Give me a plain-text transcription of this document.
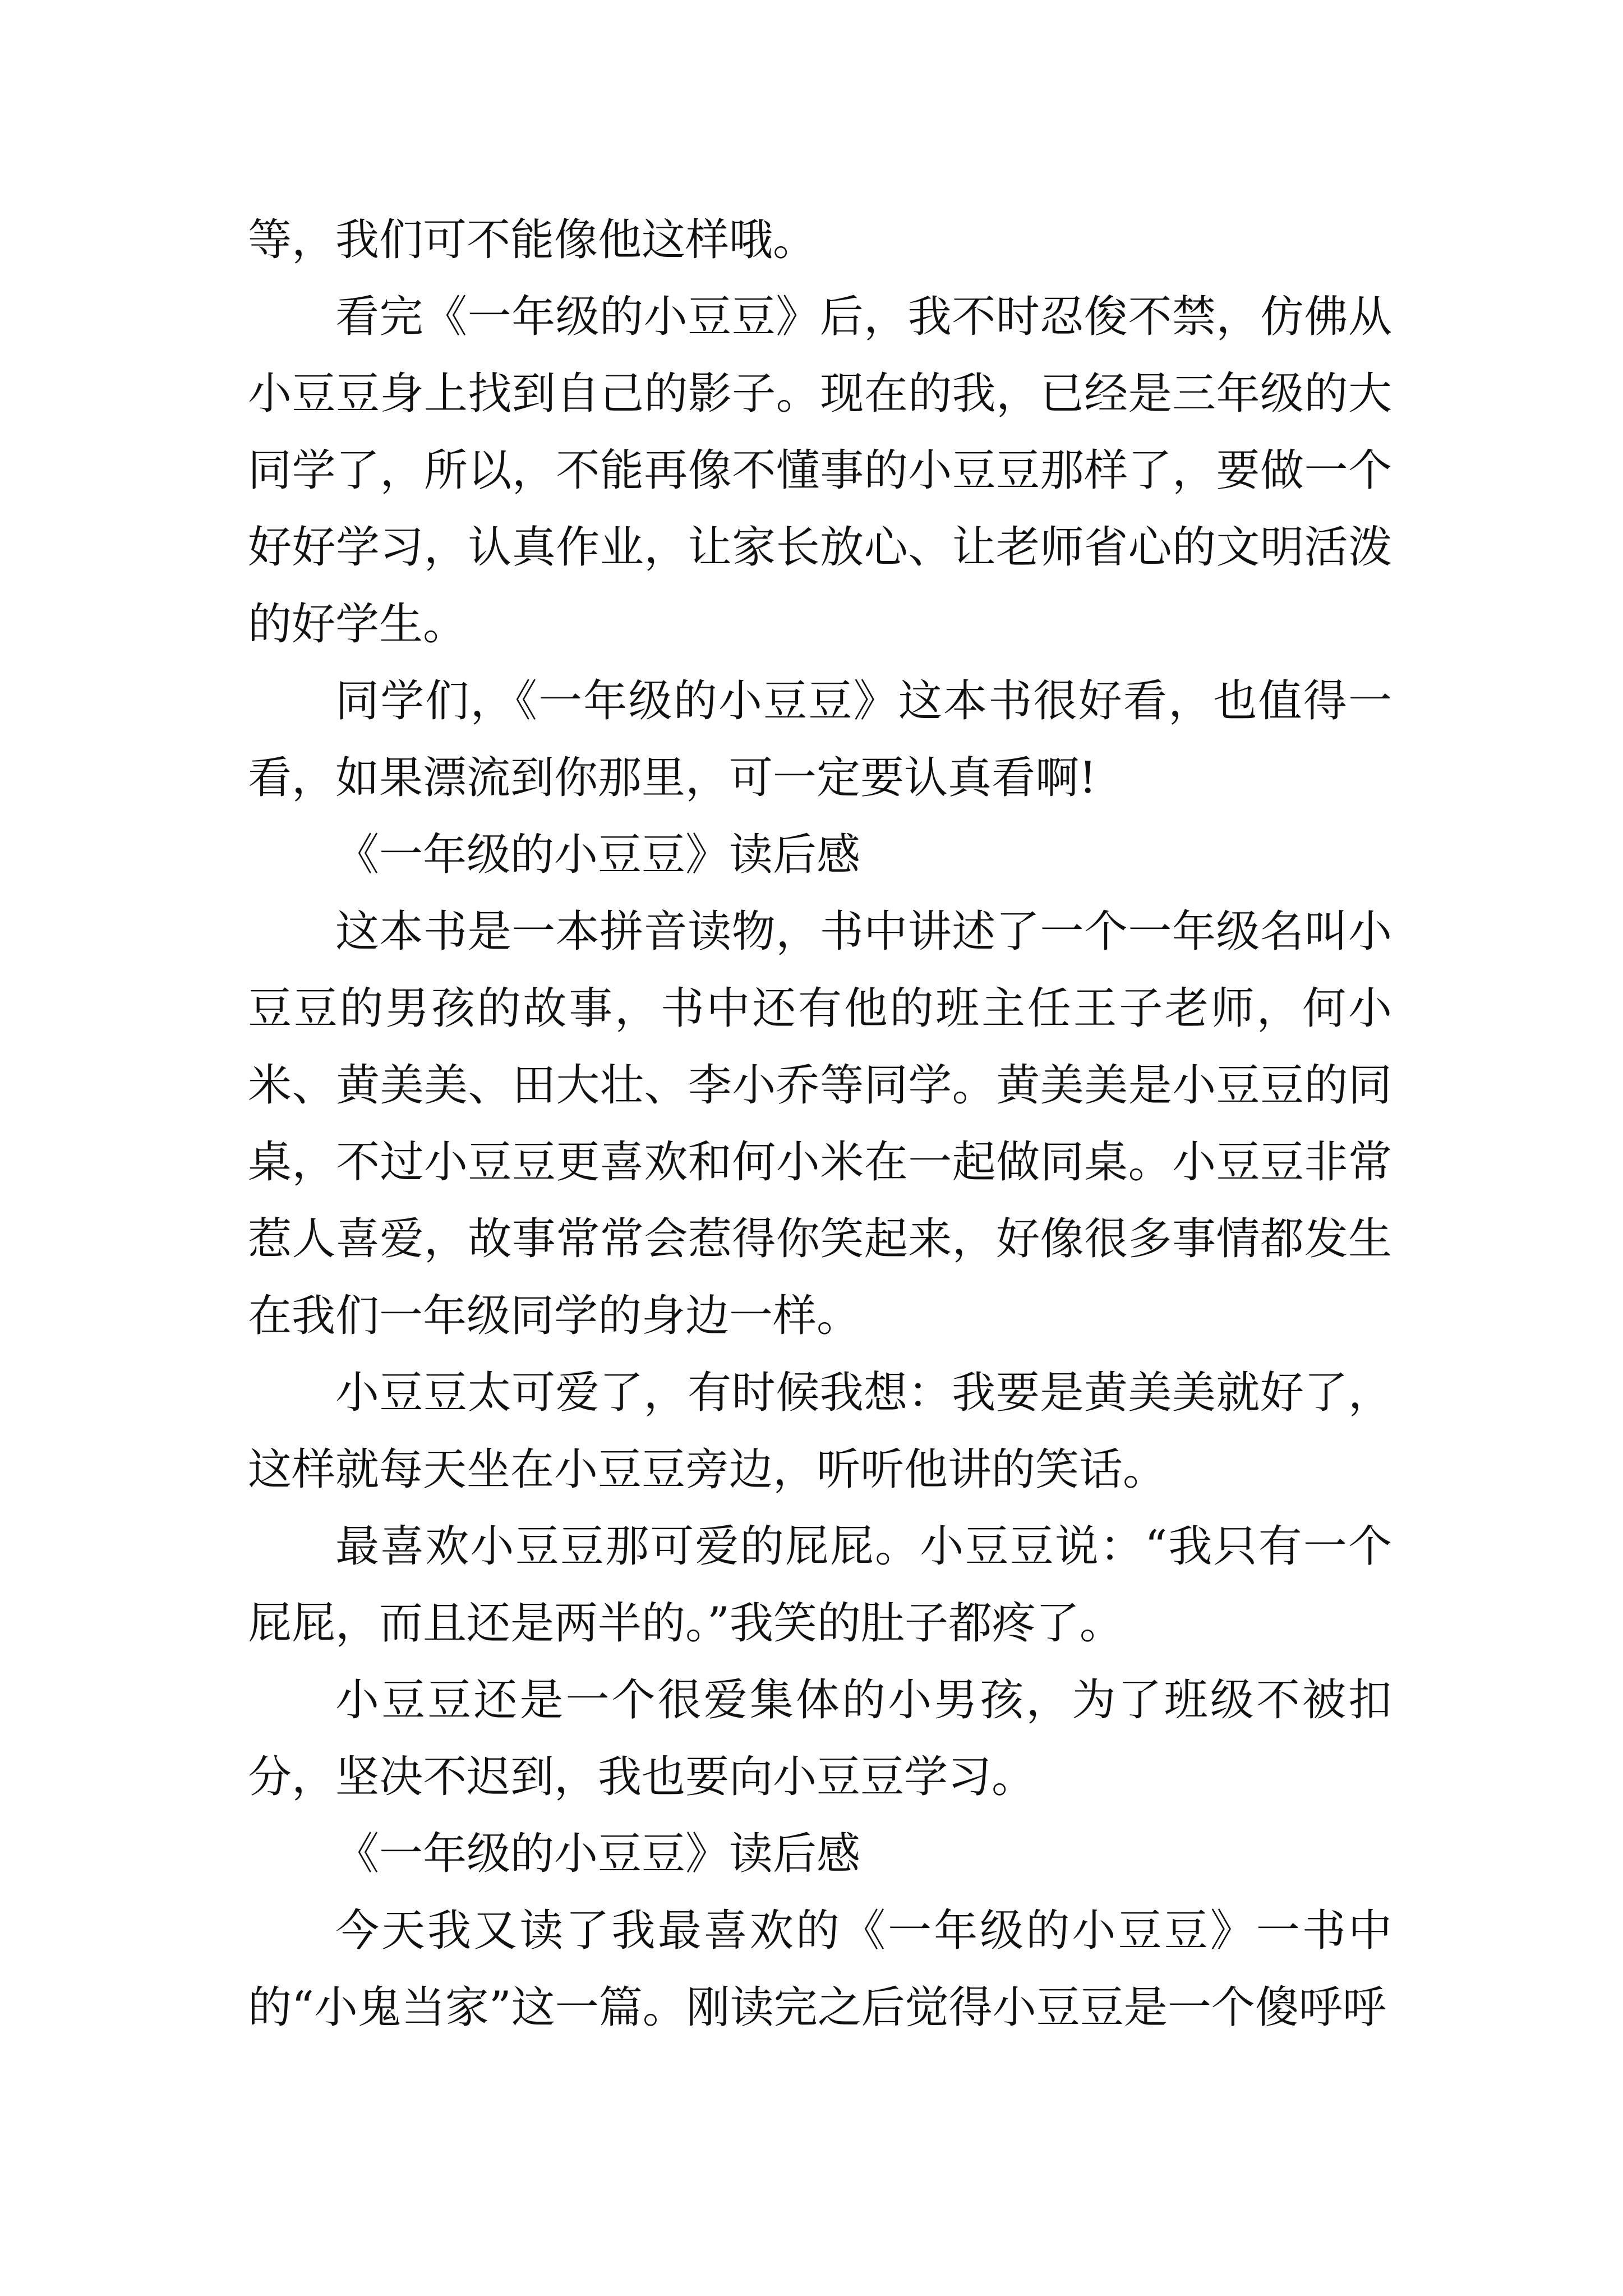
等，我们可不能像他这样哦。

看完《一年级的小豆豆》后，我不时忍俊不禁，仿佛从小豆豆身上找到自己的影子。现在的我，已经是三年级的大同学了，所以，不能再像不懂事的小豆豆那样了，要做一个好好学习，认真作业，让家长放心、让老师省心的文明活泼的好学生。

同学们，《一年级的小豆豆》这本书很好看，也值得一看，如果漂流到你那里，可一定要认真看啊!

《一年级的小豆豆》读后感

这本书是一本拼音读物，书中讲述了一个一年级名叫小豆豆的男孩的故事，书中还有他的班主任王子老师，何小米、黄美美、田大壮、李小乔等同学。黄美美是小豆豆的同桌，不过小豆豆更喜欢和何小米在一起做同桌。小豆豆非常惹人喜爱，故事常常会惹得你笑起来，好像很多事情都发生在我们一年级同学的身边一样。

小豆豆太可爱了，有时候我想：我要是黄美美就好了，这样就每天坐在小豆豆旁边，听听他讲的笑话。

最喜欢小豆豆那可爱的屁屁。小豆豆说：“我只有一个屁屁，而且还是两半的。”我笑的肚子都疼了。

小豆豆还是一个很爱集体的小男孩，为了班级不被扣分，坚决不迟到，我也要向小豆豆学习。

《一年级的小豆豆》读后感

今天我又读了我最喜欢的《一年级的小豆豆》一书中的“小鬼当家”这一篇。刚读完之后觉得小豆豆是一个傻呼呼
